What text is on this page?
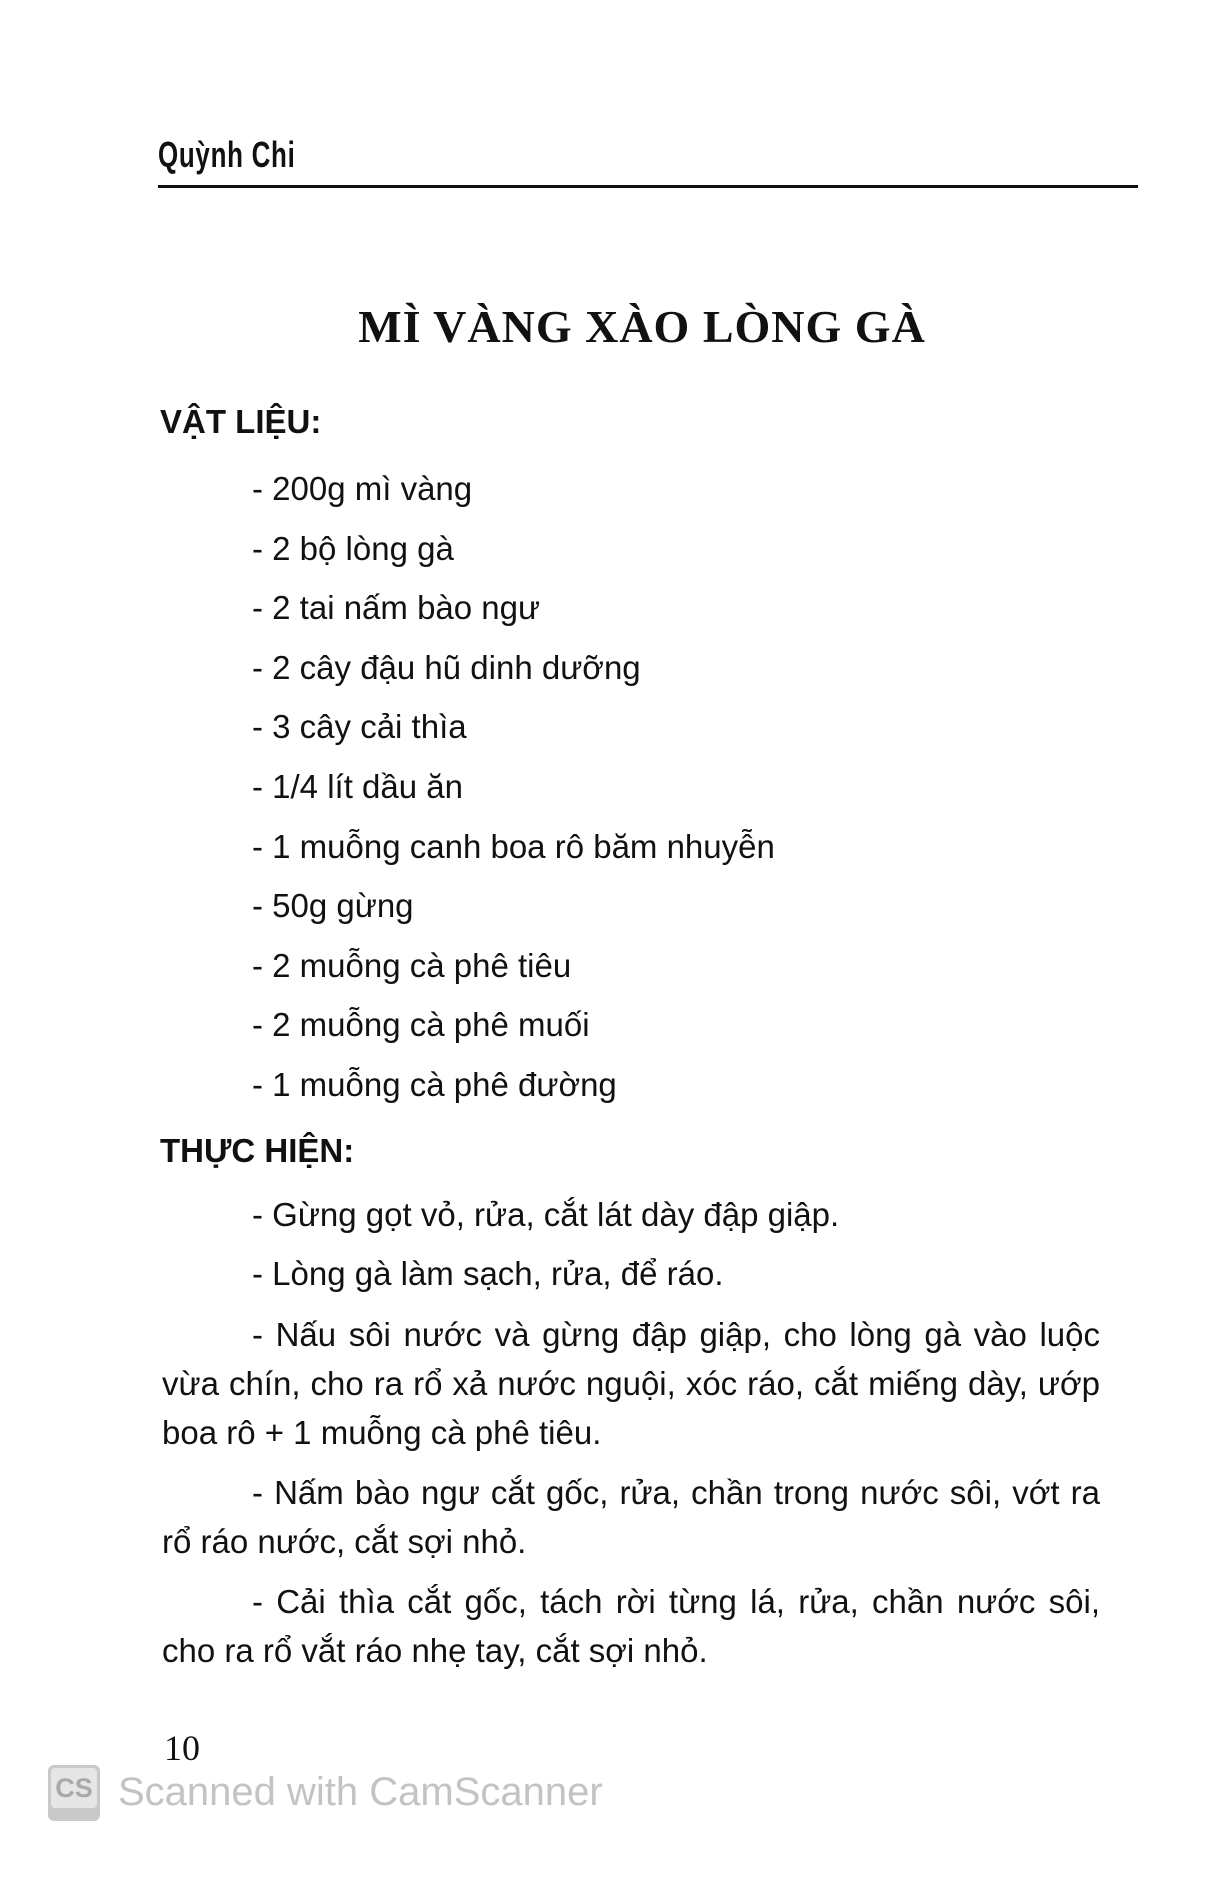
Quỳnh Chi
MÌ VÀNG XÀO LÒNG GÀ
VẬT LIỆU:
- 200g mì vàng
- 2 bộ lòng gà
- 2 tai nấm bào ngư
- 2 cây đậu hũ dinh dưỡng
- 3 cây cải thìa
- 1/4 lít dầu ăn
- 1 muỗng canh boa rô băm nhuyễn
- 50g gừng
- 2 muỗng cà phê tiêu
- 2 muỗng cà phê muối
- 1 muỗng cà phê đường
THỰC HIỆN:

- Gừng gọt vỏ, rửa, cắt lát dày đập giập.

- Lòng gà làm sạch, rửa, để ráo.

- Nấu sôi nước và gừng đập giập, cho lòng gà vào luộc vừa chín, cho ra rổ xả nước nguội, xóc ráo, cắt miếng dày, ướp boa rô + 1 muỗng cà phê tiêu.

- Nấm bào ngư cắt gốc, rửa, chần trong nước sôi, vớt ra rổ ráo nước, cắt sợi nhỏ.

- Cải thìa cắt gốc, tách rời từng lá, rửa, chần nước sôi, cho ra rổ vắt ráo nhẹ tay, cắt sợi nhỏ.

10
CS Scanned with CamScanner
